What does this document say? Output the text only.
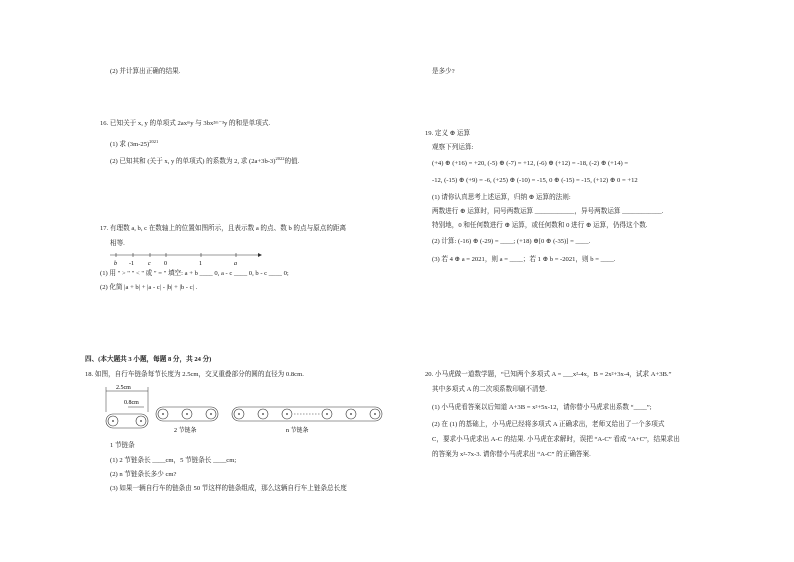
(2) 并计算出正确的结果.
16. 已知关于 x, y 的单项式 2axᵐy 与 3bx²ᵐ⁻³y 的和是单项式.
(1) 求 $(3m-25)^{2021}$
(2) 已知其和 (关于 x, y 的单项式) 的系数为 2, 求 $(2a+3b-3)^{2022}$的值.
17. 有理数 a, b, c 在数轴上的位置如图所示，且表示数 a 的点、数 b 的点与原点的距离
相等.
b -1 c 0	1	a
(1) 用 " > " " < " 或 " = " 填空: a + b ____ 0, a - c ____ 0, b - c ____ 0;
(2) 化简 |a + b| + |a - c| - |b| + |b - c| .
四、(本大题共 3 小题，每题 8 分，共 24 分)
18. 如图，自行车链条每节长度为 2.5cm，交叉重叠部分的圆的直径为 0.8cm.
2.5cm
0.8cm
2 节链条	n 节链条
1 节链条
(1) 2 节链条长 ____cm，5 节链条长 ____cm;
(2) n 节链条长多少 cm?
(3) 如果一辆自行车的链条由 50 节这样的链条组成，那么这辆自行车上链条总长度
是多少?
19. 定义 ⊕ 运算
观察下列运算:
(+4) ⊕ (+16) = +20, (-5) ⊕ (-7) = +12, (-6) ⊕ (+12) = -18, (-2) ⊕ (+14) =
-12, (-15) ⊕ (+9) = -6, (+25) ⊕ (-10) = -15, 0 ⊕ (-15) = -15, (+12) ⊕ 0 = +12
(1) 请你认真思考上述运算，归纳 ⊕ 运算的法则:
两数进行 ⊕ 运算时，同号两数运算 ____________，异号两数运算 ____________.
特别地，0 和任何数进行 ⊕ 运算，或任何数和 0 进行 ⊕ 运算，仍得这个数.
(2) 计算: (-16) ⊕ (-29) = ____; (+18) ⊕[0 ⊕ (-35)] = ____.
(3) 若 4 ⊕ a = 2021，则 a = ____；若 1 ⊕ b = -2021，则 b = ____.
20. 小马虎做一道数学题，“已知两个多项式 A = ___x²-4x，B = 2x²+3x-4，试求 A+3B.”
其中多项式 A 的二次项系数印刷不清楚.
(1) 小马虎看答案以后知道 A+3B = x²+5x-12，请你替小马虎求出系数 “____”;
(2) 在 (1) 的基础上，小马虎已经将多项式 A 正确求出，老师又给出了一个多项式
C，要求小马虎求出 A-C 的结果. 小马虎在求解时，误把 “A-C” 看成 “A+C”，结果求出
的答案为 x²-7x-3. 请你替小马虎求出 “A-C” 的正确答案.
